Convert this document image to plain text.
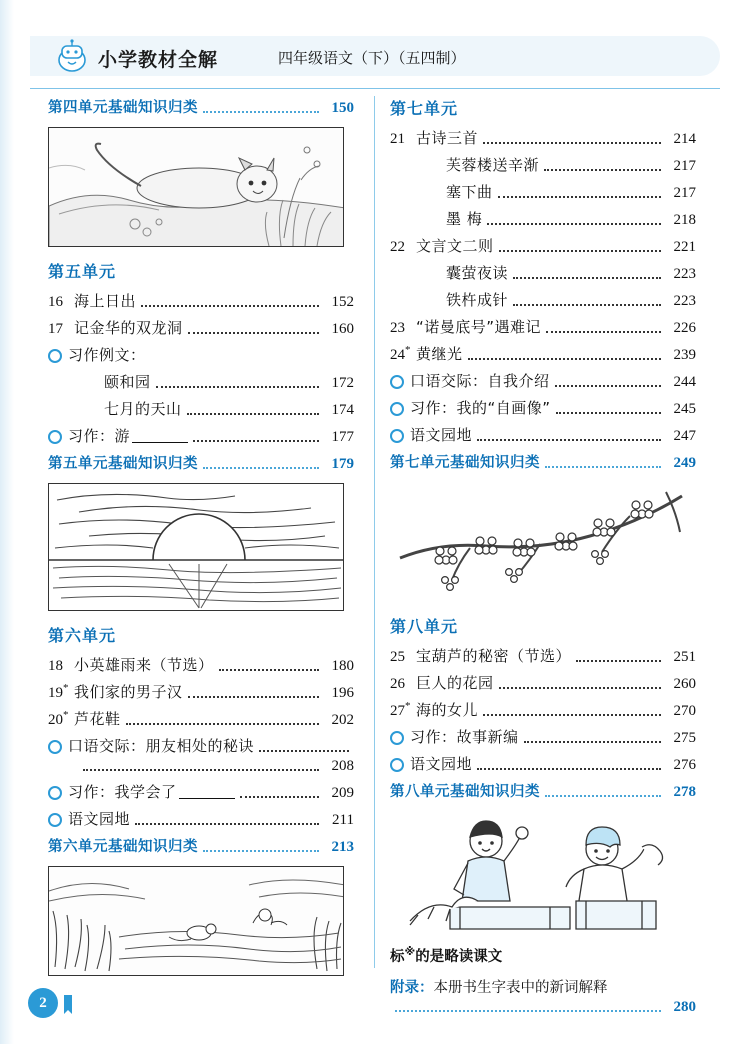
小学教材全解	四年级语文（下）（五四制）
第四单元基础知识归类	150
第五单元
16 海上日出	152
17 记金华的双龙洞	160
习作例文：
颐和园	172
七月的天山	174
习作：游	177
第五单元基础知识归类	179
第六单元
18 小英雄雨来（节选）	180
19 * 我们家的男子汉	196
20 * 芦花鞋	202
口语交际：朋友相处的秘诀
208
习作：我学会了	209
语文园地	211
第六单元基础知识归类	213
第七单元
21 古诗三首	214
芙蓉楼送辛渐	217
塞下曲	217
墨 梅	218
22 文言文二则	221
囊萤夜读	223
铁杵成针	223
23 “诺曼底号”遇难记	226
24 * 黄继光	239
口语交际：自我介绍	244
习作：我的“自画像”	245
语文园地	247
第七单元基础知识归类	249
第八单元
25 宝葫芦的秘密（节选）	251
26 巨人的花园	260
27 * 海的女儿	270
习作：故事新编	275
语文园地	276
第八单元基础知识归类	278
标※的是略读课文
附录：本册书生字表中的新词解释
280
2
